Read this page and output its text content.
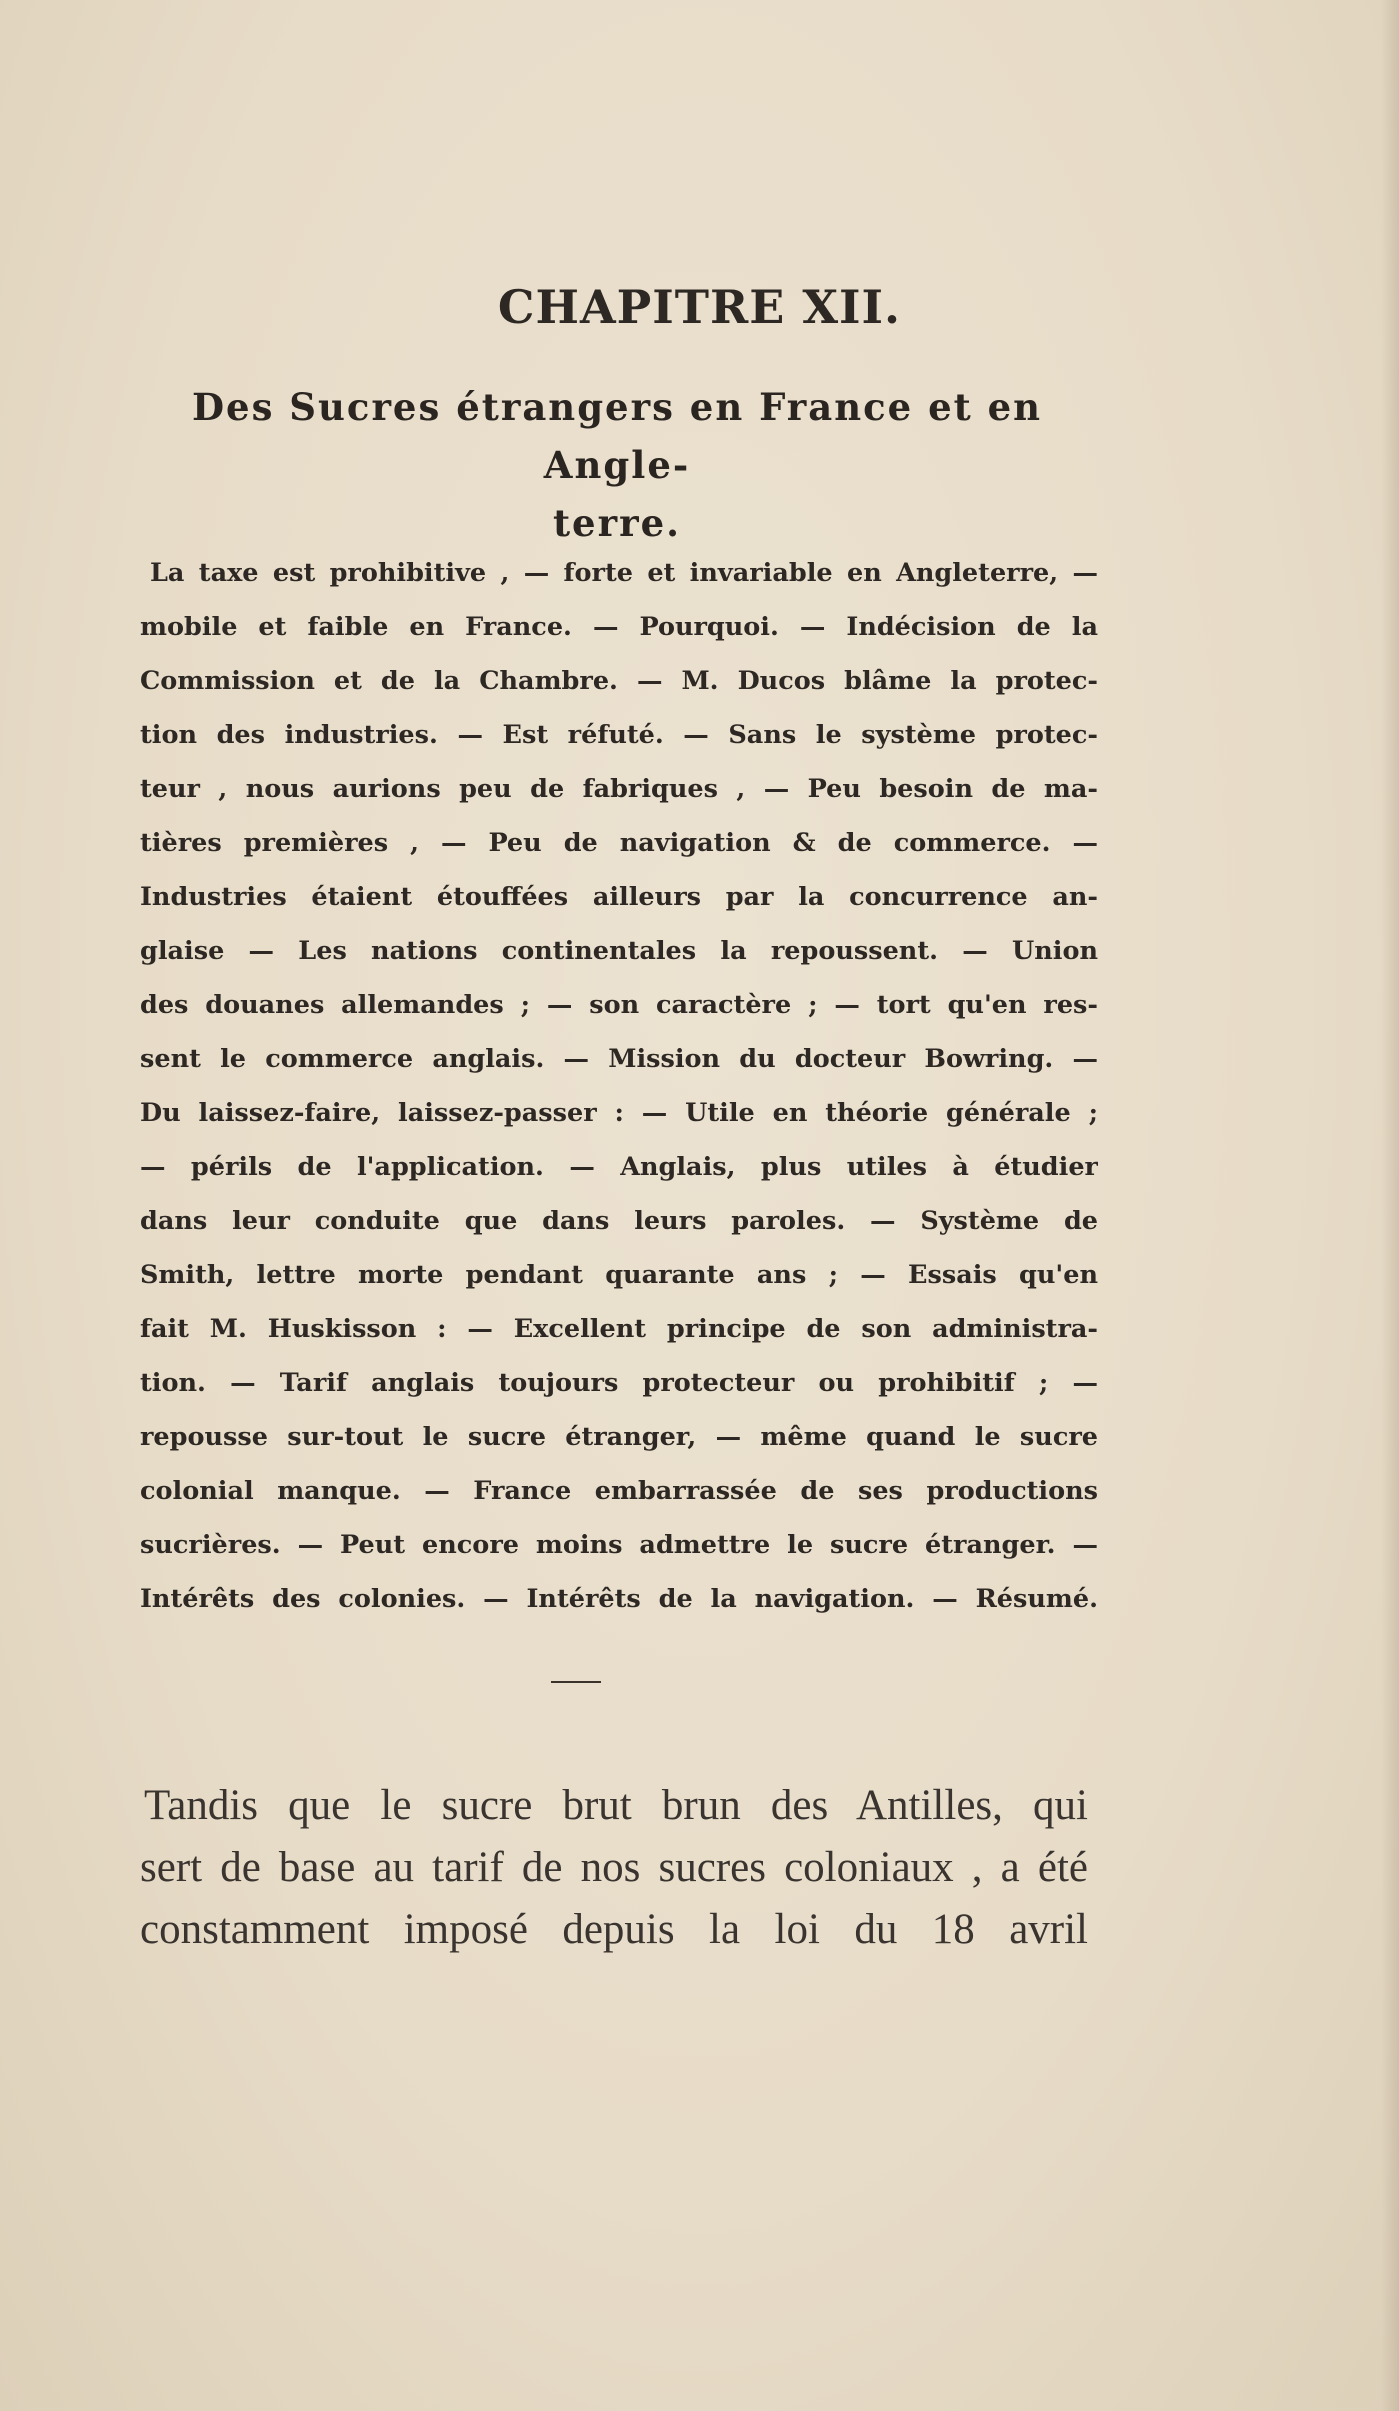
CHAPITRE XII.
Des Sucres étrangers en France et en Angle-
terre.
La taxe est prohibitive , — forte et invariable en Angleterre, —
mobile et faible en France. — Pourquoi. — Indécision de la
Commission et de la Chambre. — M. Ducos blâme la protec-
tion des industries. — Est réfuté. — Sans le système protec-
teur , nous aurions peu de fabriques , — Peu besoin de ma-
tières premières , — Peu de navigation & de commerce. —
Industries étaient étouffées ailleurs par la concurrence an-
glaise — Les nations continentales la repoussent. — Union
des douanes allemandes ; — son caractère ; — tort qu'en res-
sent le commerce anglais. — Mission du docteur Bowring. —
Du laissez-faire, laissez-passer : — Utile en théorie générale ;
— périls de l'application. — Anglais, plus utiles à étudier
dans leur conduite que dans leurs paroles. — Système de
Smith, lettre morte pendant quarante ans ; — Essais qu'en
fait M. Huskisson : — Excellent principe de son administra-
tion. — Tarif anglais toujours protecteur ou prohibitif ; —
repousse sur-tout le sucre étranger, — même quand le sucre
colonial manque. — France embarrassée de ses productions
sucrières. — Peut encore moins admettre le sucre étranger. —
Intérêts des colonies. — Intérêts de la navigation. — Résumé.
Tandis que le sucre brut brun des Antilles, qui
sert de base au tarif de nos sucres coloniaux , a été
constamment imposé depuis la loi du 18 avril
